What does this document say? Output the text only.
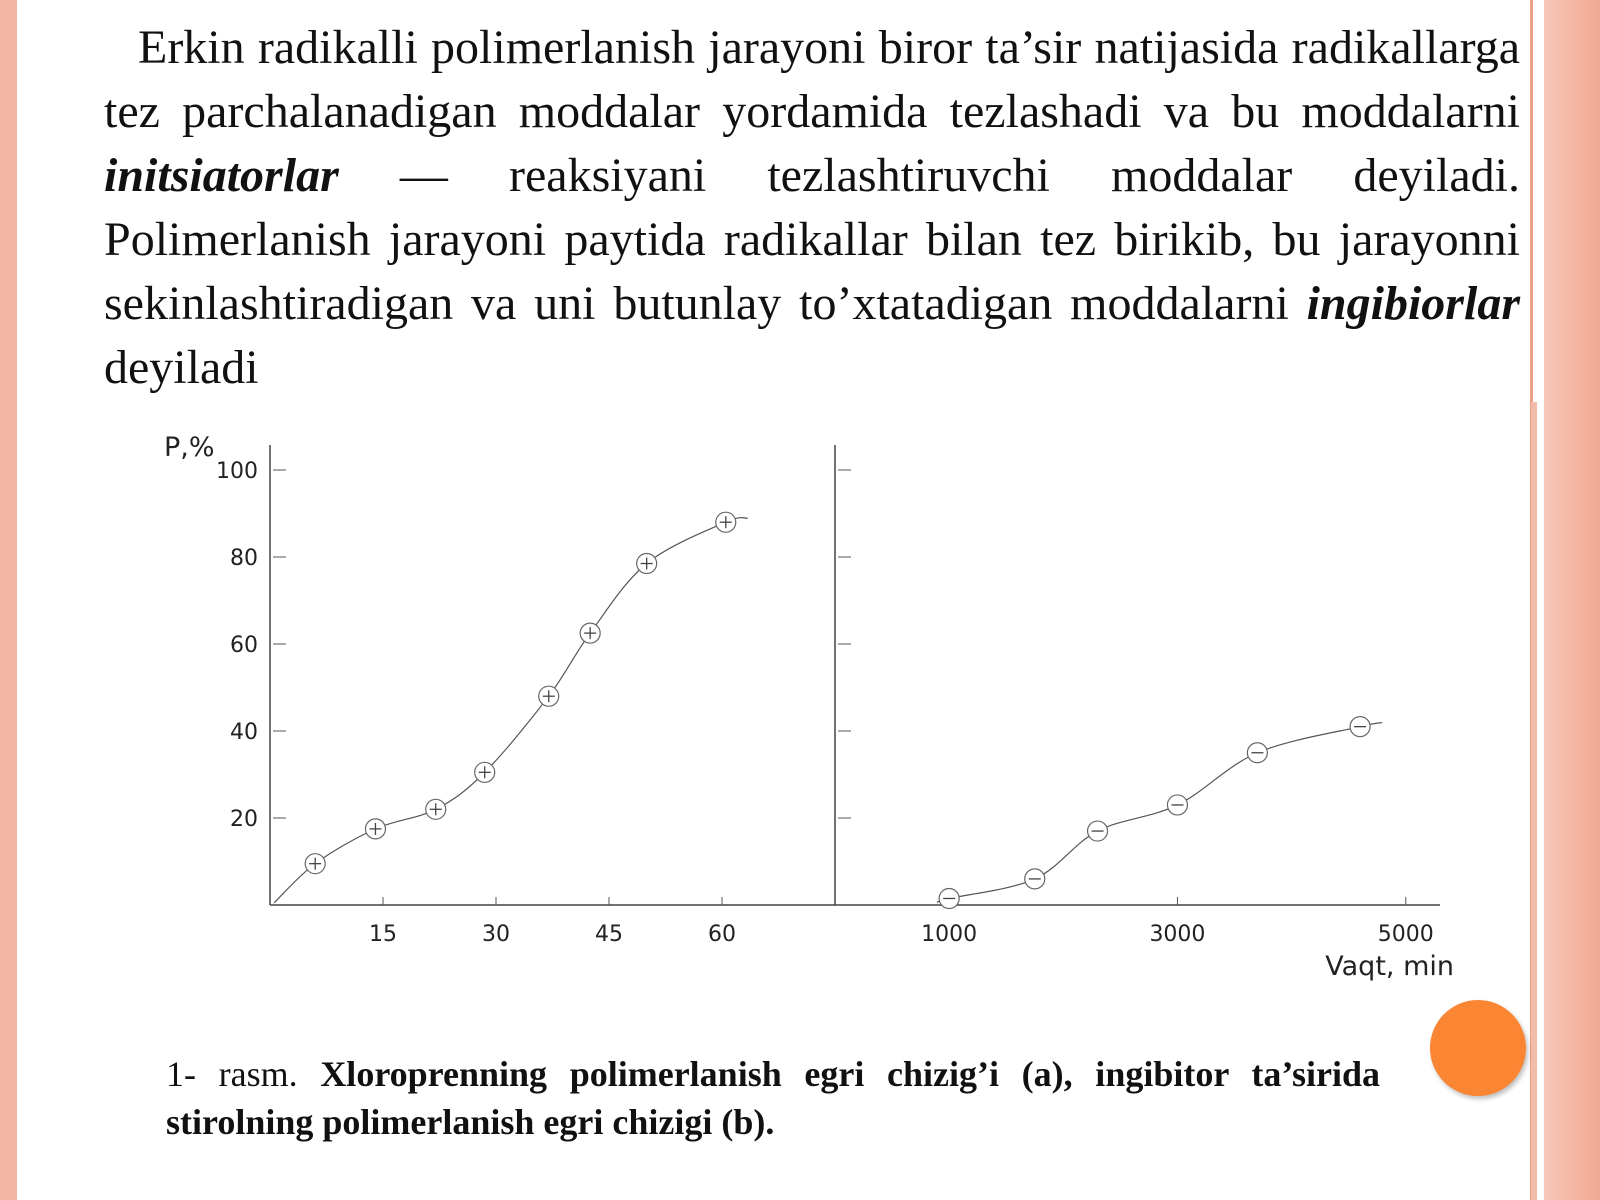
Erkin radikalli polimerlanish jarayoni biror ta’sir natijasida radikallarga tez parchalanadigan moddalar yordamida tezlashadi va bu moddalarni initsiatorlar — reaksiyani tezlashtiruvchi moddalar deyiladi. Polimerlanish jarayoni paytida radikallar bilan tez birikib, bu jarayonni sekinlashtiradigan va uni butunlay to’xtatadigan moddalarni ingibiorlar deyiladi
100
80
60
40
20
15	30	45	60
P,%
1000	3000	5000
Vaqt, min
1- rasm. Xloroprenning polimerlanish egri chizig’i (a), ingibitor ta’sirida stirolning polimerlanish egri chizigi (b).
